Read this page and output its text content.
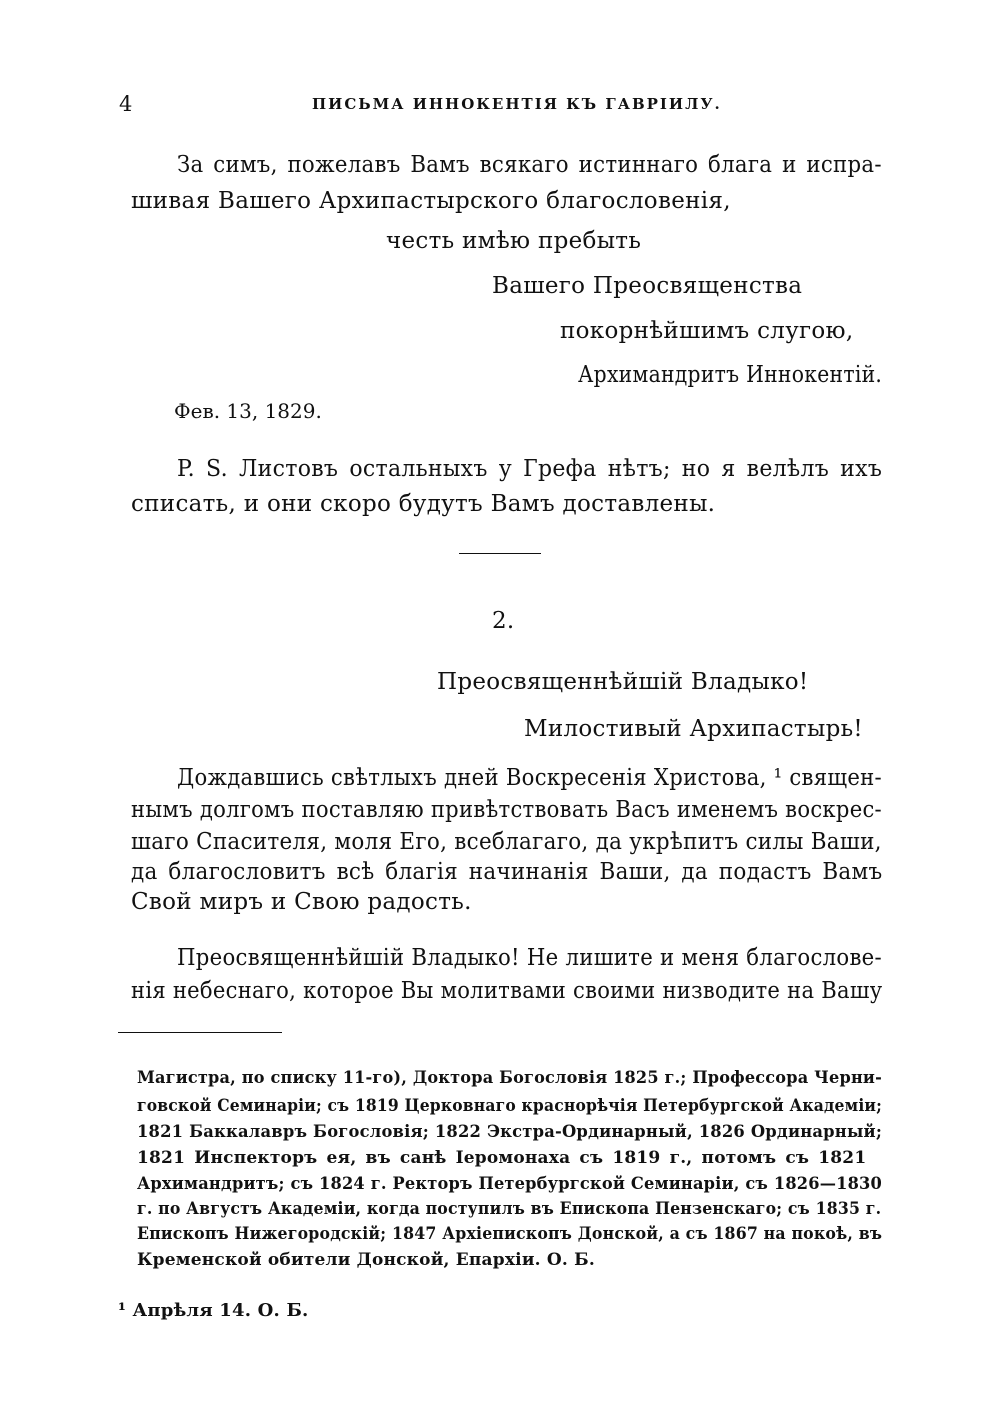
4	ПИСЬМА ИННОКЕНТІЯ КЪ ГАВРІИЛУ.
За симъ, пожелавъ Вамъ всякаго истиннаго блага и испра-
шивая Вашего Архипастырского благословенія,
честь имѣю пребыть
Вашего Преосвященства
покорнѣйшимъ слугою,
Архимандритъ Иннокентій.
Фев. 13, 1829.
P. S. Листовъ остальныхъ у Грефа нѣтъ; но я велѣлъ ихъ
списать, и они скоро будутъ Вамъ доставлены.
2.
Преосвященнѣйшій Владыко!
Милостивый Архипастырь!
Дождавшись свѣтлыхъ дней Воскресенія Христова, ¹ священ-
нымъ долгомъ поставляю привѣтствовать Васъ именемъ воскрес-
шаго Спасителя, моля Его, всеблагаго, да укрѣпитъ силы Ваши,
да благословитъ всѣ благія начинанія Ваши, да подастъ Вамъ
Свой миръ и Свою радость.
Преосвященнѣйшій Владыко! Не лишите и меня благослове-
нія небеснаго, которое Вы молитвами своими низводите на Вашу
Магистра, по списку 11-го), Доктора Богословія 1825 г.; Профессора Черни-
говской Семинаріи; съ 1819 Церковнаго краснорѣчія Петербургской Академіи;
1821 Баккалавръ Богословія; 1822 Экстра-Ординарный, 1826 Ординарный;
1821 Инспекторъ ея, въ санѣ Іеромонаха съ 1819 г., потомъ съ 1821
Архимандритъ; съ 1824 г. Ректоръ Петербургской Семинаріи, съ 1826—1830
г. по Августъ Академіи, когда поступилъ въ Епископа Пензенскаго; съ 1835 г.
Епископъ Нижегородскій; 1847 Архіепископъ Донской, а съ 1867 на покоѣ, въ
Кременской обители Донской, Епархіи. О. Б.
¹ Апрѣля 14. О. Б.
